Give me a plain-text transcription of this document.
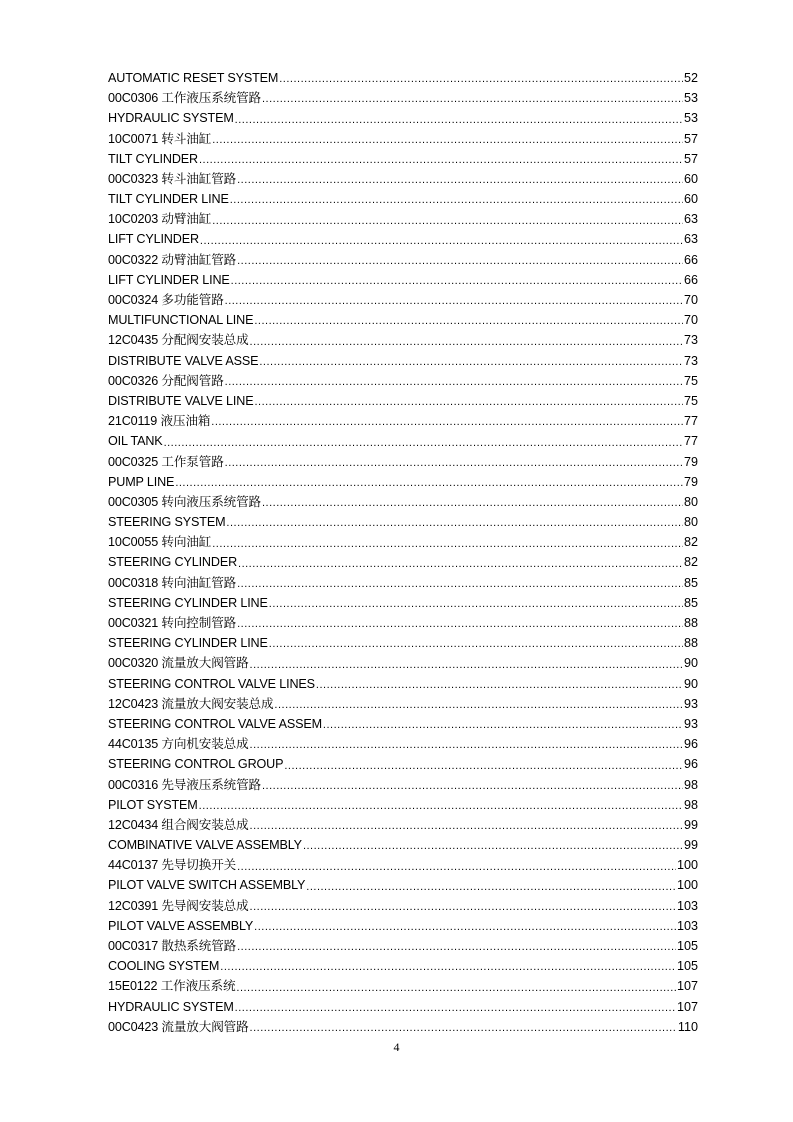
AUTOMATIC RESET SYSTEM .....	52
00C0306 工作液压系统管路 .....	53
HYDRAULIC SYSTEM .....	53
10C0071 转斗油缸 .....	57
TILT CYLINDER .....	57
00C0323 转斗油缸管路 .....	60
TILT CYLINDER LINE .....	60
10C0203 动臂油缸 .....	63
LIFT CYLINDER .....	63
00C0322 动臂油缸管路 .....	66
LIFT CYLINDER LINE .....	66
00C0324 多功能管路 .....	70
MULTIFUNCTIONAL LINE .....	70
12C0435 分配阀安装总成 .....	73
DISTRIBUTE VALVE ASSE .....	73
00C0326 分配阀管路 .....	75
DISTRIBUTE VALVE LINE .....	75
21C0119 液压油箱 .....	77
OIL TANK .....	77
00C0325 工作泵管路 .....	79
PUMP LINE .....	79
00C0305 转向液压系统管路 .....	80
STEERING SYSTEM .....	80
10C0055 转向油缸 .....	82
STEERING CYLINDER .....	82
00C0318 转向油缸管路 .....	85
STEERING CYLINDER LINE .....	85
00C0321 转向控制管路 .....	88
STEERING CYLINDER LINE .....	88
00C0320 流量放大阀管路 .....	90
STEERING CONTROL VALVE LINES .....	90
12C0423 流量放大阀安装总成 .....	93
STEERING CONTROL VALVE ASSEM .....	93
44C0135 方向机安装总成 .....	96
STEERING CONTROL GROUP .....	96
00C0316 先导液压系统管路 .....	98
PILOT SYSTEM .....	98
12C0434 组合阀安装总成 .....	99
COMBINATIVE VALVE ASSEMBLY .....	99
44C0137 先导切换开关 .....	100
PILOT VALVE SWITCH ASSEMBLY .....	100
12C0391 先导阀安装总成 .....	103
PILOT VALVE ASSEMBLY .....	103
00C0317 散热系统管路 .....	105
COOLING SYSTEM .....	105
15E0122 工作液压系统 .....	107
HYDRAULIC SYSTEM .....	107
00C0423 流量放大阀管路 .....	110
4
